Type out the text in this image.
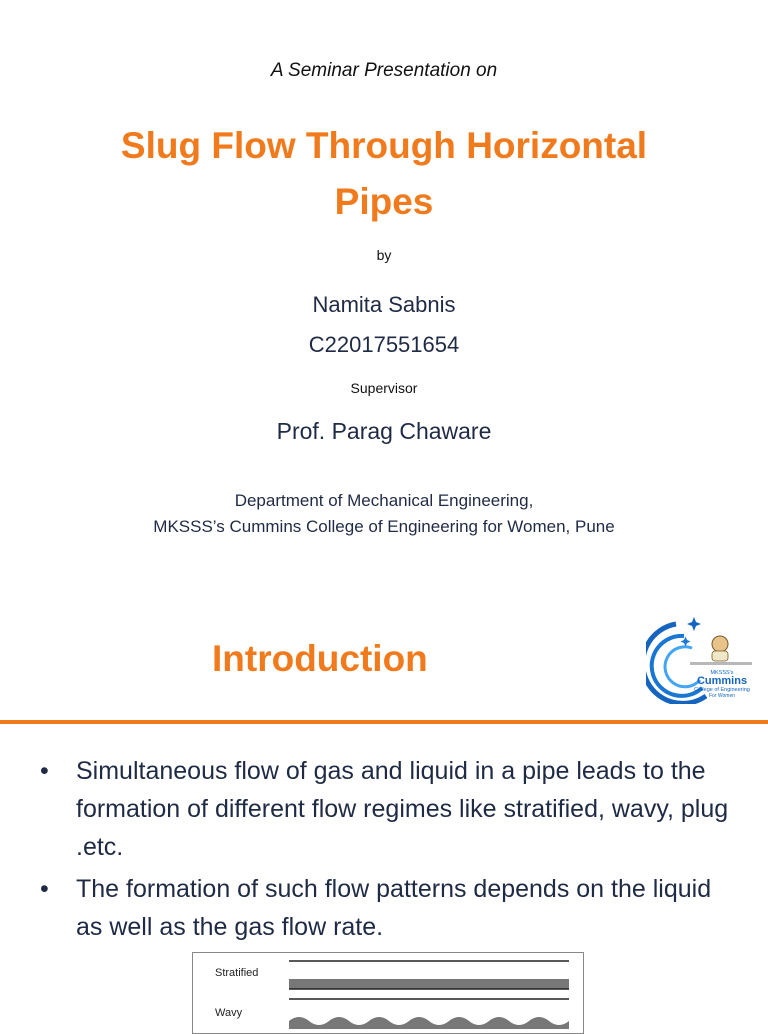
A Seminar Presentation on
Slug Flow Through Horizontal
Pipes
by
Namita Sabnis
C22017551654
Supervisor
Prof. Parag Chaware
Department of Mechanical Engineering,
MKSSS’s Cummins College of Engineering for Women, Pune
Introduction	MKSSS's
Cummins
College of Engineering
For Women
• Simultaneous flow of gas and liquid in a pipe leads to the formation of different flow regimes like stratified, wavy, plug .etc.
• The formation of such flow patterns depends on the liquid as well as the gas flow rate.
Stratified
Wavy
